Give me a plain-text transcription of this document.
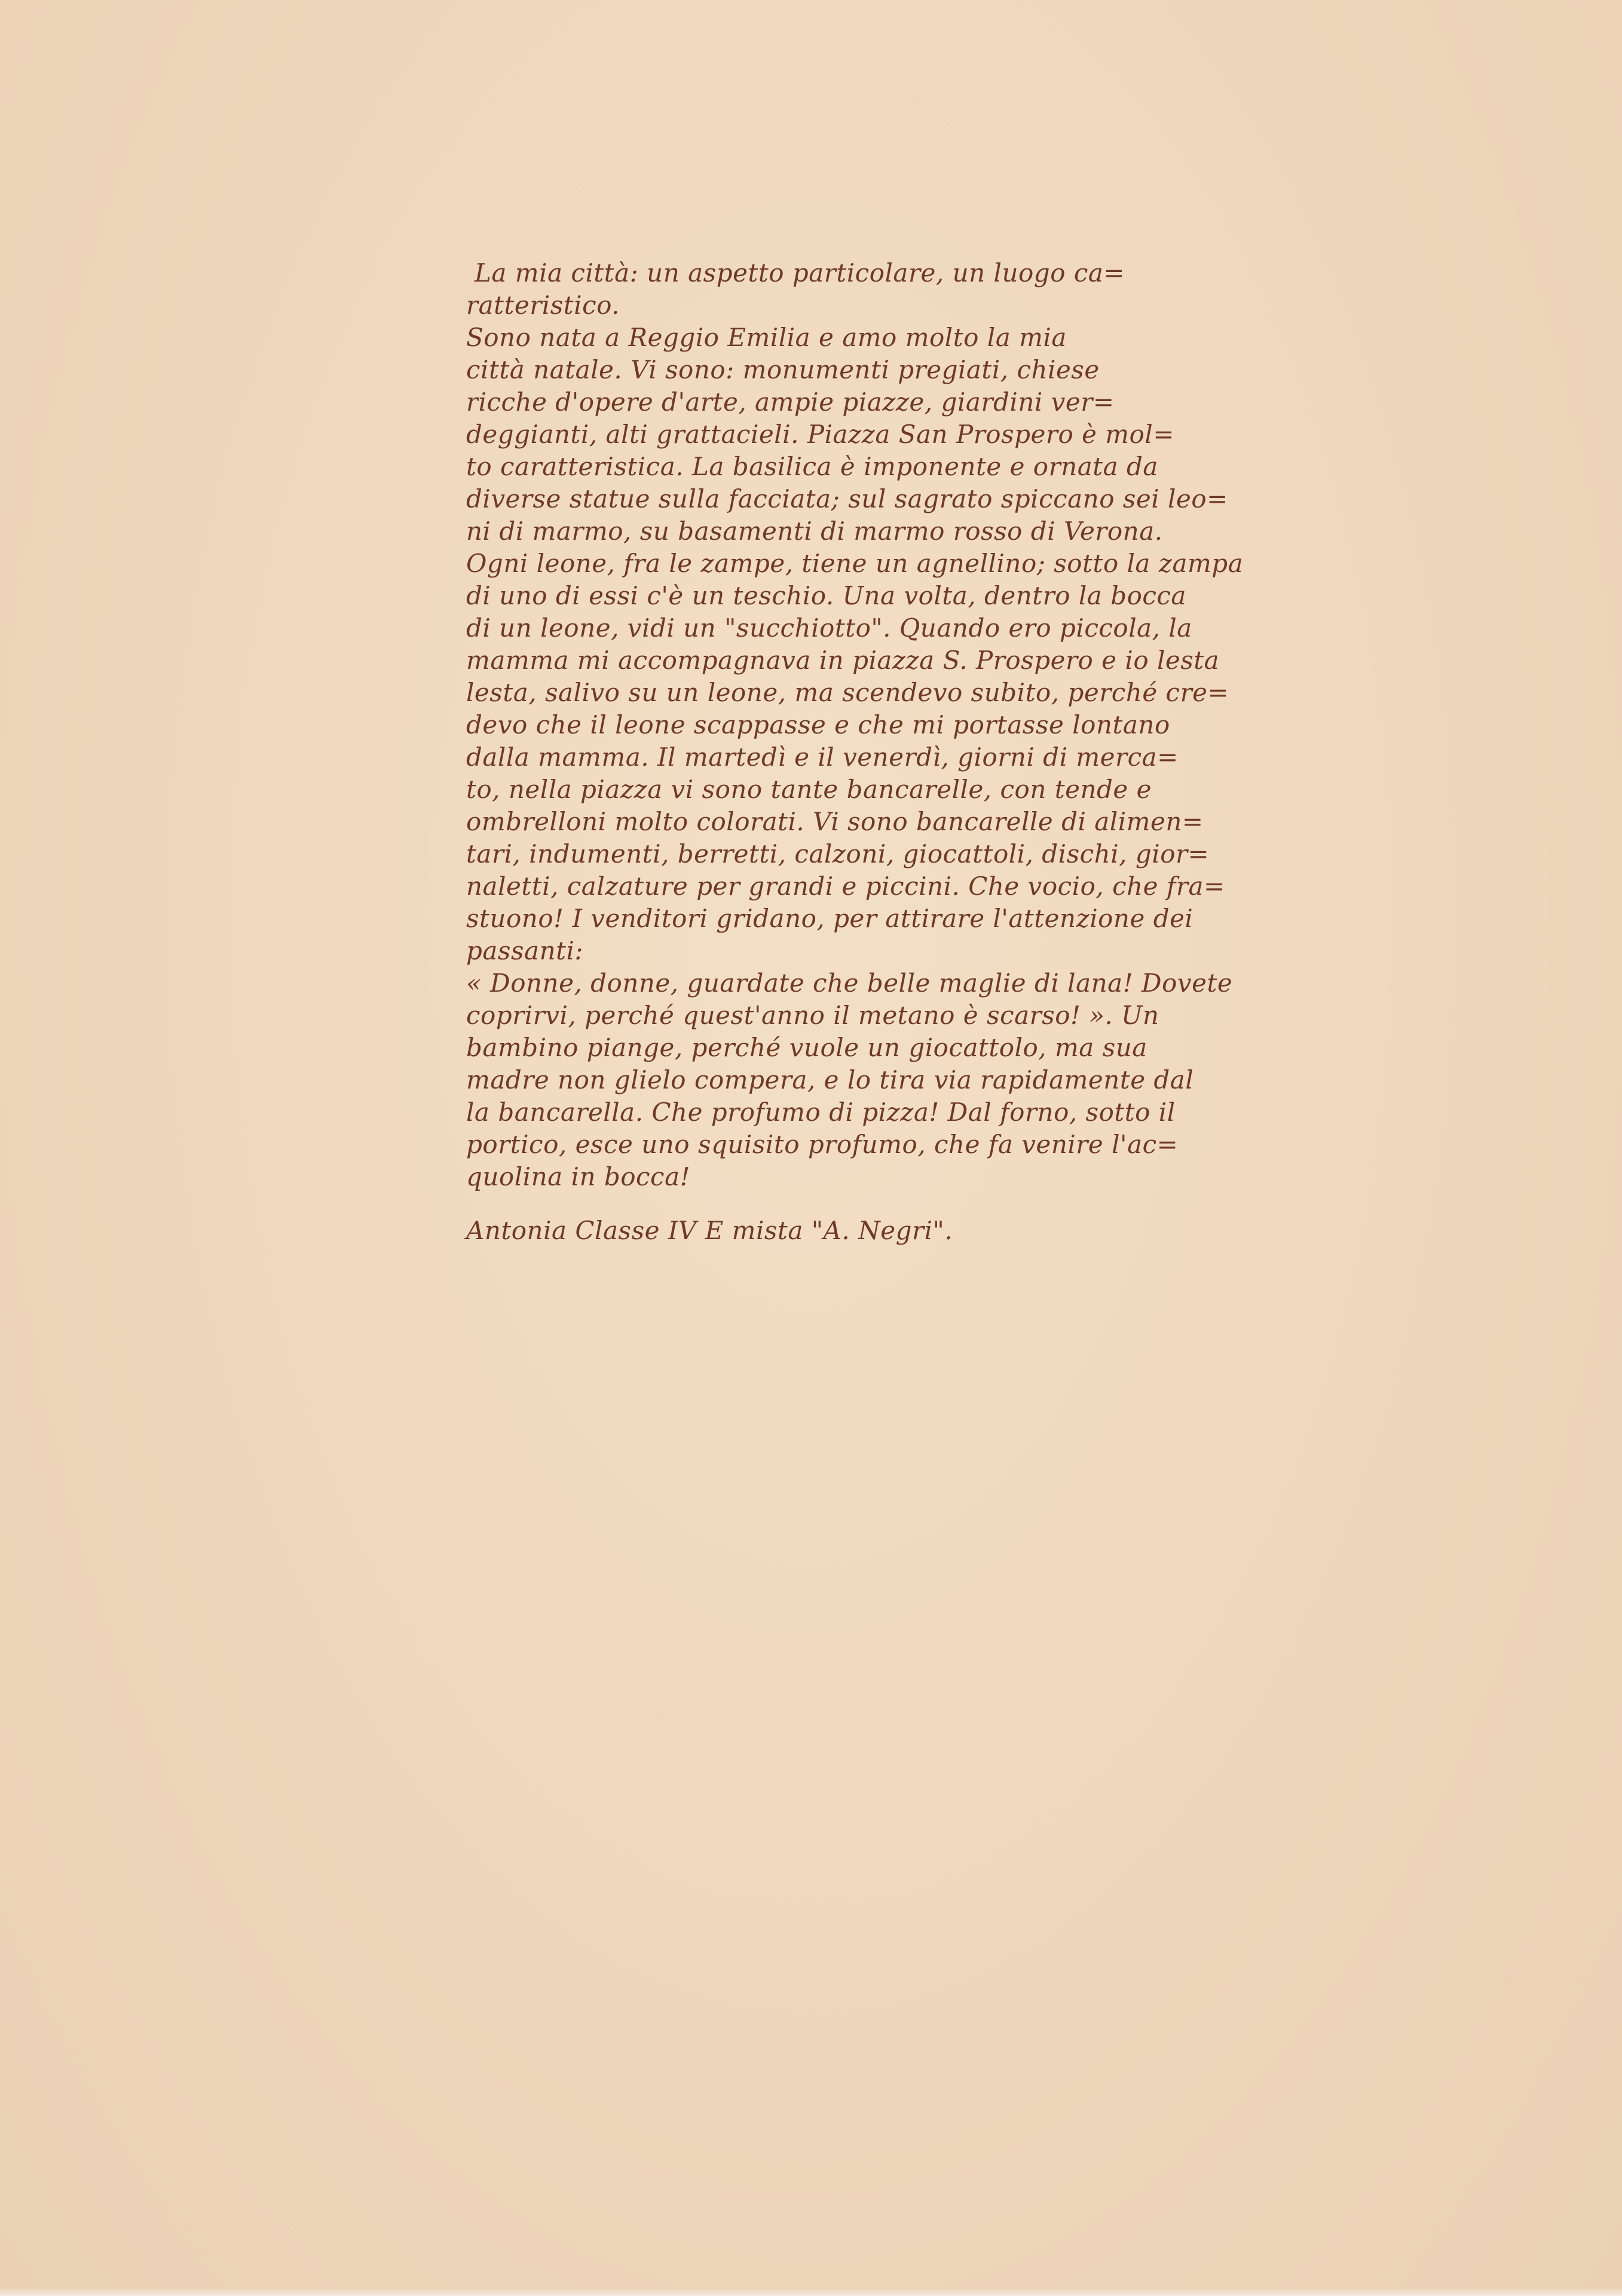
La mia città: un aspetto particolare, un luogo ca=
ratteristico.
Sono nata a Reggio Emilia e amo molto la mia
città natale. Vi sono: monumenti pregiati, chiese
ricche d'opere d'arte, ampie piazze, giardini ver=
deggianti, alti grattacieli. Piazza San Prospero è mol=
to caratteristica. La basilica è imponente e ornata da
diverse statue sulla facciata; sul sagrato spiccano sei leo=
ni di marmo, su basamenti di marmo rosso di Verona.
Ogni leone, fra le zampe, tiene un agnellino; sotto la zampa
di uno di essi c'è un teschio. Una volta, dentro la bocca
di un leone, vidi un "succhiotto". Quando ero piccola, la
mamma mi accompagnava in piazza S. Prospero e io lesta
lesta, salivo su un leone, ma scendevo subito, perché cre=
devo che il leone scappasse e che mi portasse lontano
dalla mamma. Il martedì e il venerdì, giorni di merca=
to, nella piazza vi sono tante bancarelle, con tende e
ombrelloni molto colorati. Vi sono bancarelle di alimen=
tari, indumenti, berretti, calzoni, giocattoli, dischi, gior=
naletti, calzature per grandi e piccini. Che vocio, che fra=
stuono! I venditori gridano, per attirare l'attenzione dei
passanti:
« Donne, donne, guardate che belle maglie di lana! Dovete
coprirvi, perché quest'anno il metano è scarso! ». Un
bambino piange, perché vuole un giocattolo, ma sua
madre non glielo compera, e lo tira via rapidamente dal
la bancarella. Che profumo di pizza! Dal forno, sotto il
portico, esce uno squisito profumo, che fa venire l'ac=
quolina in bocca!
Antonia Classe IV E mista "A. Negri".
